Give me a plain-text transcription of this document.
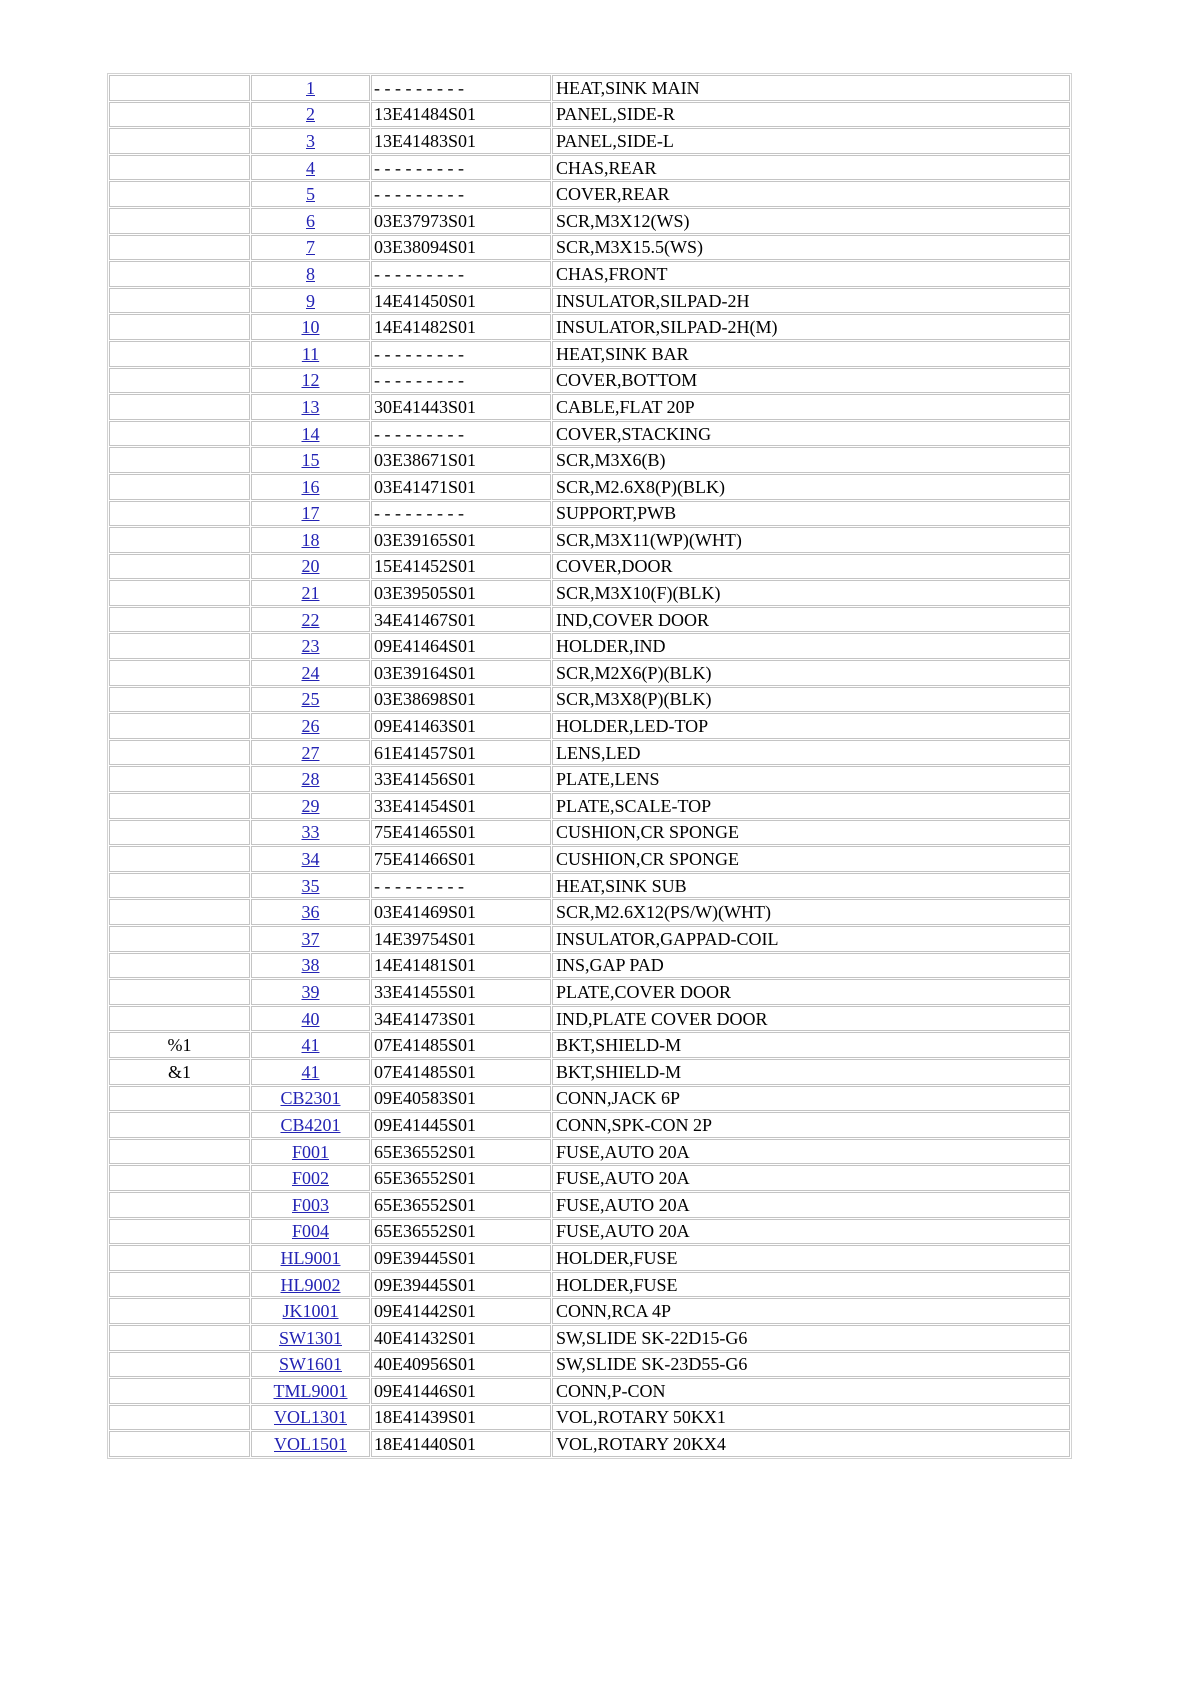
	1	- - - - - - - - -	HEAT,SINK MAIN
	2	13E41484S01	PANEL,SIDE-R
	3	13E41483S01	PANEL,SIDE-L
	4	- - - - - - - - -	CHAS,REAR
	5	- - - - - - - - -	COVER,REAR
	6	03E37973S01	SCR,M3X12(WS)
	7	03E38094S01	SCR,M3X15.5(WS)
	8	- - - - - - - - -	CHAS,FRONT
	9	14E41450S01	INSULATOR,SILPAD-2H
	10	14E41482S01	INSULATOR,SILPAD-2H(M)
	11	- - - - - - - - -	HEAT,SINK BAR
	12	- - - - - - - - -	COVER,BOTTOM
	13	30E41443S01	CABLE,FLAT 20P
	14	- - - - - - - - -	COVER,STACKING
	15	03E38671S01	SCR,M3X6(B)
	16	03E41471S01	SCR,M2.6X8(P)(BLK)
	17	- - - - - - - - -	SUPPORT,PWB
	18	03E39165S01	SCR,M3X11(WP)(WHT)
	20	15E41452S01	COVER,DOOR
	21	03E39505S01	SCR,M3X10(F)(BLK)
	22	34E41467S01	IND,COVER DOOR
	23	09E41464S01	HOLDER,IND
	24	03E39164S01	SCR,M2X6(P)(BLK)
	25	03E38698S01	SCR,M3X8(P)(BLK)
	26	09E41463S01	HOLDER,LED-TOP
	27	61E41457S01	LENS,LED
	28	33E41456S01	PLATE,LENS
	29	33E41454S01	PLATE,SCALE-TOP
	33	75E41465S01	CUSHION,CR SPONGE
	34	75E41466S01	CUSHION,CR SPONGE
	35	- - - - - - - - -	HEAT,SINK SUB
	36	03E41469S01	SCR,M2.6X12(PS/W)(WHT)
	37	14E39754S01	INSULATOR,GAPPAD-COIL
	38	14E41481S01	INS,GAP PAD
	39	33E41455S01	PLATE,COVER DOOR
	40	34E41473S01	IND,PLATE COVER DOOR
%1	41	07E41485S01	BKT,SHIELD-M
&1	41	07E41485S01	BKT,SHIELD-M
	CB2301	09E40583S01	CONN,JACK 6P
	CB4201	09E41445S01	CONN,SPK-CON 2P
	F001	65E36552S01	FUSE,AUTO 20A
	F002	65E36552S01	FUSE,AUTO 20A
	F003	65E36552S01	FUSE,AUTO 20A
	F004	65E36552S01	FUSE,AUTO 20A
	HL9001	09E39445S01	HOLDER,FUSE
	HL9002	09E39445S01	HOLDER,FUSE
	JK1001	09E41442S01	CONN,RCA 4P
	SW1301	40E41432S01	SW,SLIDE SK-22D15-G6
	SW1601	40E40956S01	SW,SLIDE SK-23D55-G6
	TML9001	09E41446S01	CONN,P-CON
	VOL1301	18E41439S01	VOL,ROTARY 50KX1
	VOL1501	18E41440S01	VOL,ROTARY 20KX4
